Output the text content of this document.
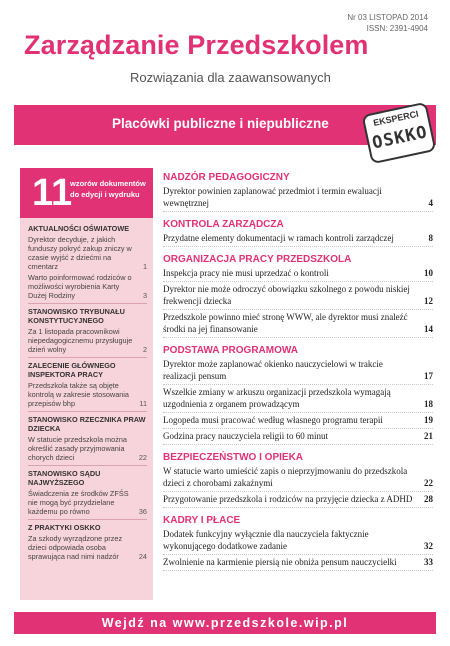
Nr 03 LISTOPAD 2014
ISSN: 2391-4904
Zarządzanie Przedszkolem
Rozwiązania dla zaawansowanych
Placówki publiczne i niepubliczne	EKSPERCI
OSKKO
11
wzorów dokumentów do edycji i wydruku
AKTUALNOŚCI OŚWIATOWE
Dyrektor decyduje, z jakich funduszy pokryć zakup zniczy w czasie wyjść z dziećmi na cmentarz	1
Warto poinformować rodziców o możliwości wyrobienia Karty Dużej Rodziny	3
STANOWISKO TRYBUNAŁU KONSTYTUCYJNEGO
Za 1 listopada pracownikowi niepedagogicznemu przysługuje dzień wolny	2
ZALECENIE GŁÓWNEGO INSPEKTORA PRACY
Przedszkola także są objęte kontrolą w zakresie stosowania przepisów bhp	11
STANOWISKO RZECZNIKA PRAW DZIECKA
W statucie przedszkola można określić zasady przyjmowania chorych dzieci	22
STANOWISKO SĄDU NAJWYŻSZEGO
Świadczenia ze środków ZFŚS nie mogą być przydzielane każdemu po równo	36
Z PRAKTYKI OSKKO
Za szkody wyrządzone przez dzieci odpowiada osoba sprawująca nad nimi nadzór	24
NADZÓR PEDAGOGICZNY
Dyrektor powinien zaplanować przedmiot i termin ewaluacji wewnętrznej	4
KONTROLA ZARZĄDCZA
Przydatne elementy dokumentacji w ramach kontroli zarządczej	8
ORGANIZACJA PRACY PRZEDSZKOLA
Inspekcja pracy nie musi uprzedzać o kontroli	10
Dyrektor nie może odroczyć obowiązku szkolnego z powodu niskiej frekwencji dziecka	12
Przedszkole powinno mieć stronę WWW, ale dyrektor musi znaleźć środki na jej finansowanie	14
PODSTAWA PROGRAMOWA
Dyrektor może zaplanować okienko nauczycielowi w trakcie realizacji pensum	17
Wszelkie zmiany w arkuszu organizacji przedszkola wymagają uzgodnienia z organem prowadzącym	18
Logopeda musi pracować według własnego programu terapii	19
Godzina pracy nauczyciela religii to 60 minut	21
BEZPIECZEŃSTWO I OPIEKA
W statucie warto umieścić zapis o nieprzyjmowaniu do przedszkola dzieci z chorobami zakaźnymi	22
Przygotowanie przedszkola i rodziców na przyjęcie dziecka z ADHD 28
KADRY I PŁACE
Dodatek funkcyjny wyłącznie dla nauczyciela faktycznie wykonującego dodatkowe zadanie	32
Zwolnienie na karmienie piersią nie obniża pensum nauczycielki	33
Wejdź na www.przedszkole.wip.pl
